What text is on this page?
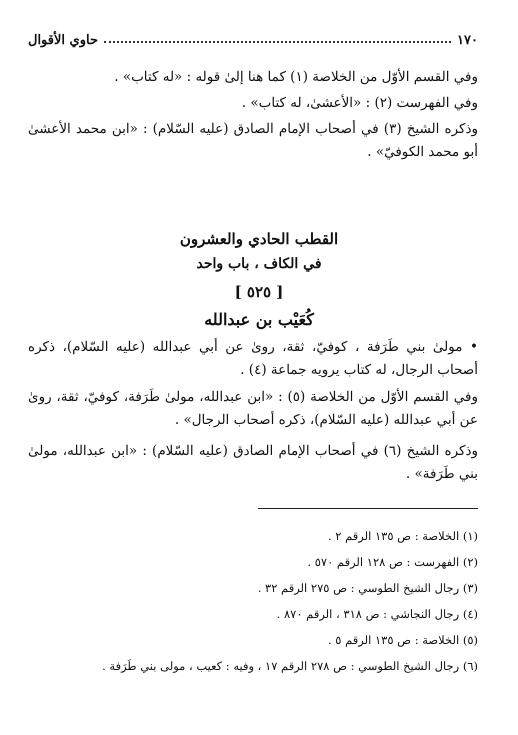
١٧٠
حاوي الأقوال
وفي القسم الأوّل من الخلاصة (١) كما هنا إلىٰ قوله : «له كتاب» .
وفي الفهرست (٢) : «الأعشىٰ، له كتاب» .
وذكره الشيخ (٣) في أصحاب الإمام الصادق (عليه السّلام) : «ابن محمد الأعشىٰ أبو محمد الكوفيّ» .
القطب الحادي والعشرون
في الكاف ، باب واحد
[ ٥٢٥ ]
كُعَيْب بن عبدالله
• مولىٰ بني طَرَفة ، كوفيّ، ثقة، روىٰ عن أبي عبدالله (عليه السّلام)، ذكره أصحاب الرجال، له كتاب يرويه جماعة (٤) .
وفي القسم الأوّل من الخلاصة (٥) : «ابن عبدالله، مولىٰ طَرَفة، كوفيّ، ثقة، روىٰ عن أبي عبدالله (عليه السّلام)، ذكره أصحاب الرجال» .
وذكره الشيخ (٦) في أصحاب الإمام الصادق (عليه السّلام) : «ابن عبدالله، مولىٰ بني طَرَفة» .
(١) الخلاصة : ص ١٣٥ الرقم ٢ .
(٢) الفهرست : ص ١٢٨ الرقم ٥٧٠ .
(٣) رجال الشيخ الطوسي : ص ٢٧٥ الرقم ٣٢ .
(٤) رجال النجاشي : ص ٣١٨ ، الرقم ٨٧٠ .
(٥) الخلاصة : ص ١٣٥ الرقم ٥ .
(٦) رجال الشيخ الطوسي : ص ٢٧٨ الرقم ١٧ ، وفيه : كعيب ، مولى بني طَرَفة .
